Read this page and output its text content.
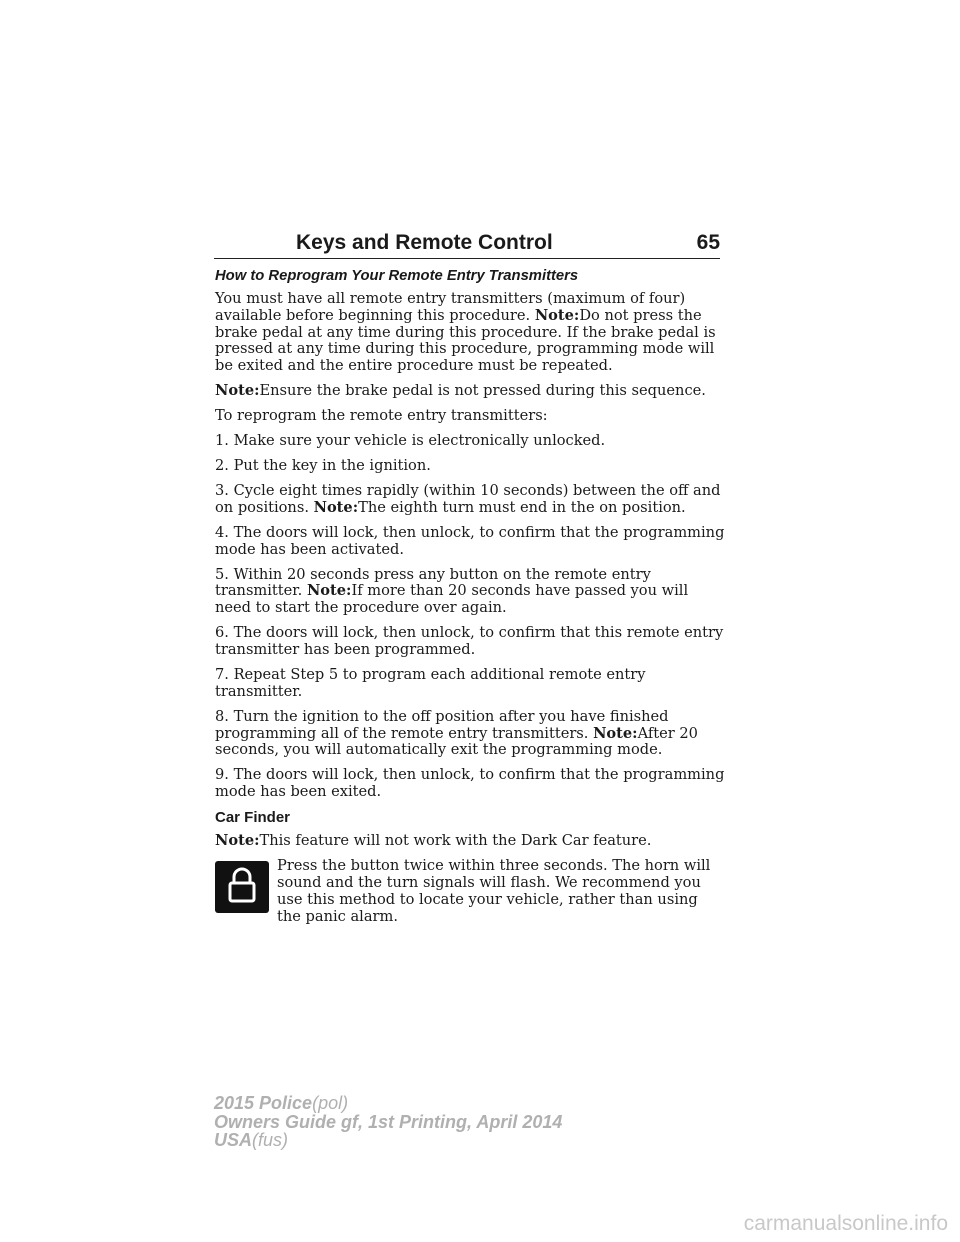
Keys and Remote Control	65
How to Reprogram Your Remote Entry Transmitters

You must have all remote entry transmitters (maximum of four) available before beginning this procedure. Note:Do not press the brake pedal at any time during this procedure. If the brake pedal is pressed at any time during this procedure, programming mode will be exited and the entire procedure must be repeated.

Note:Ensure the brake pedal is not pressed during this sequence.

To reprogram the remote entry transmitters:

1. Make sure your vehicle is electronically unlocked.

2. Put the key in the ignition.

3. Cycle eight times rapidly (within 10 seconds) between the off and on positions. Note:The eighth turn must end in the on position.

4. The doors will lock, then unlock, to confirm that the programming mode has been activated.

5. Within 20 seconds press any button on the remote entry transmitter. Note:If more than 20 seconds have passed you will need to start the procedure over again.

6. The doors will lock, then unlock, to confirm that this remote entry transmitter has been programmed.

7. Repeat Step 5 to program each additional remote entry transmitter.

8. Turn the ignition to the off position after you have finished programming all of the remote entry transmitters. Note:After 20 seconds, you will automatically exit the programming mode.

9. The doors will lock, then unlock, to confirm that the programming mode has been exited.

Car Finder

Note:This feature will not work with the Dark Car feature.

Press the button twice within three seconds. The horn will sound and the turn signals will flash. We recommend you use this method to locate your vehicle, rather than using the panic alarm.
2015 Police(pol)
Owners Guide gf, 1st Printing, April 2014
USA(fus)
carmanualsonline.info
